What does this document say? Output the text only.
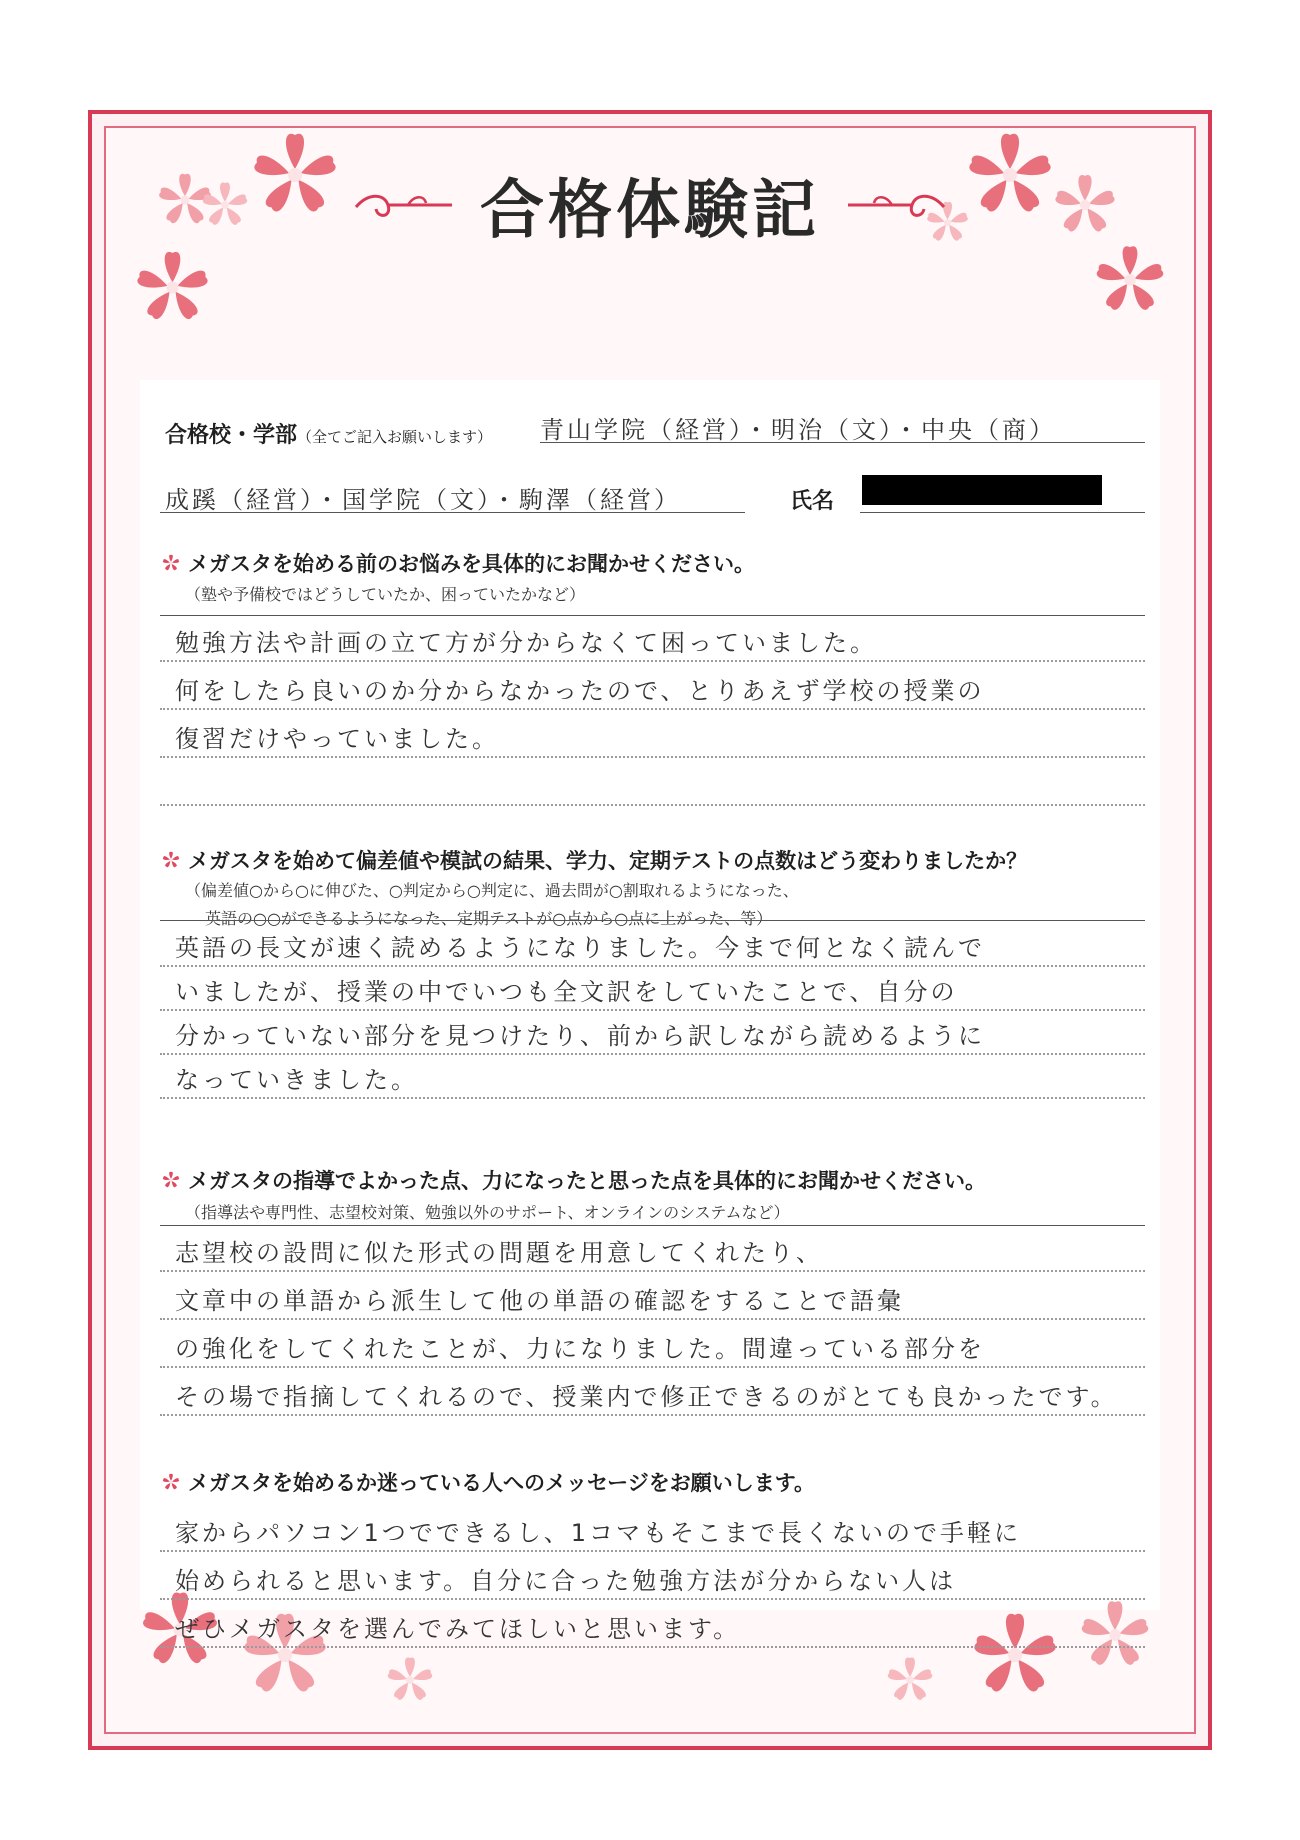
合格体験記
合格校・学部（全てご記入お願いします） 青山学院（経営）・明治（文）・中央（商）
成蹊（経営）・国学院（文）・駒澤（経営）	氏名
メガスタを始める前のお悩みを具体的にお聞かせください。
（塾や予備校ではどうしていたか、困っていたかなど）
勉強方法や計画の立て方が分からなくて困っていました。
何をしたら良いのか分からなかったので、とりあえず学校の授業の
復習だけやっていました。
メガスタを始めて偏差値や模試の結果、学力、定期テストの点数はどう変わりましたか？
（偏差値○から○に伸びた、○判定から○判定に、過去問が○割取れるようになった、
英語の○○ができるようになった、定期テストが○点から○点に上がった、等）
英語の長文が速く読めるようになりました。今まで何となく読んで
いましたが、授業の中でいつも全文訳をしていたことで、自分の
分かっていない部分を見つけたり、前から訳しながら読めるように
なっていきました。
メガスタの指導でよかった点、力になったと思った点を具体的にお聞かせください。
（指導法や専門性、志望校対策、勉強以外のサポート、オンラインのシステムなど）
志望校の設問に似た形式の問題を用意してくれたり、
文章中の単語から派生して他の単語の確認をすることで語彙
の強化をしてくれたことが、力になりました。間違っている部分を
その場で指摘してくれるので、授業内で修正できるのがとても良かったです。
メガスタを始めるか迷っている人へのメッセージをお願いします。
家からパソコン1つでできるし、1コマもそこまで長くないので手軽に
始められると思います。自分に合った勉強方法が分からない人は
ぜひメガスタを選んでみてほしいと思います。
